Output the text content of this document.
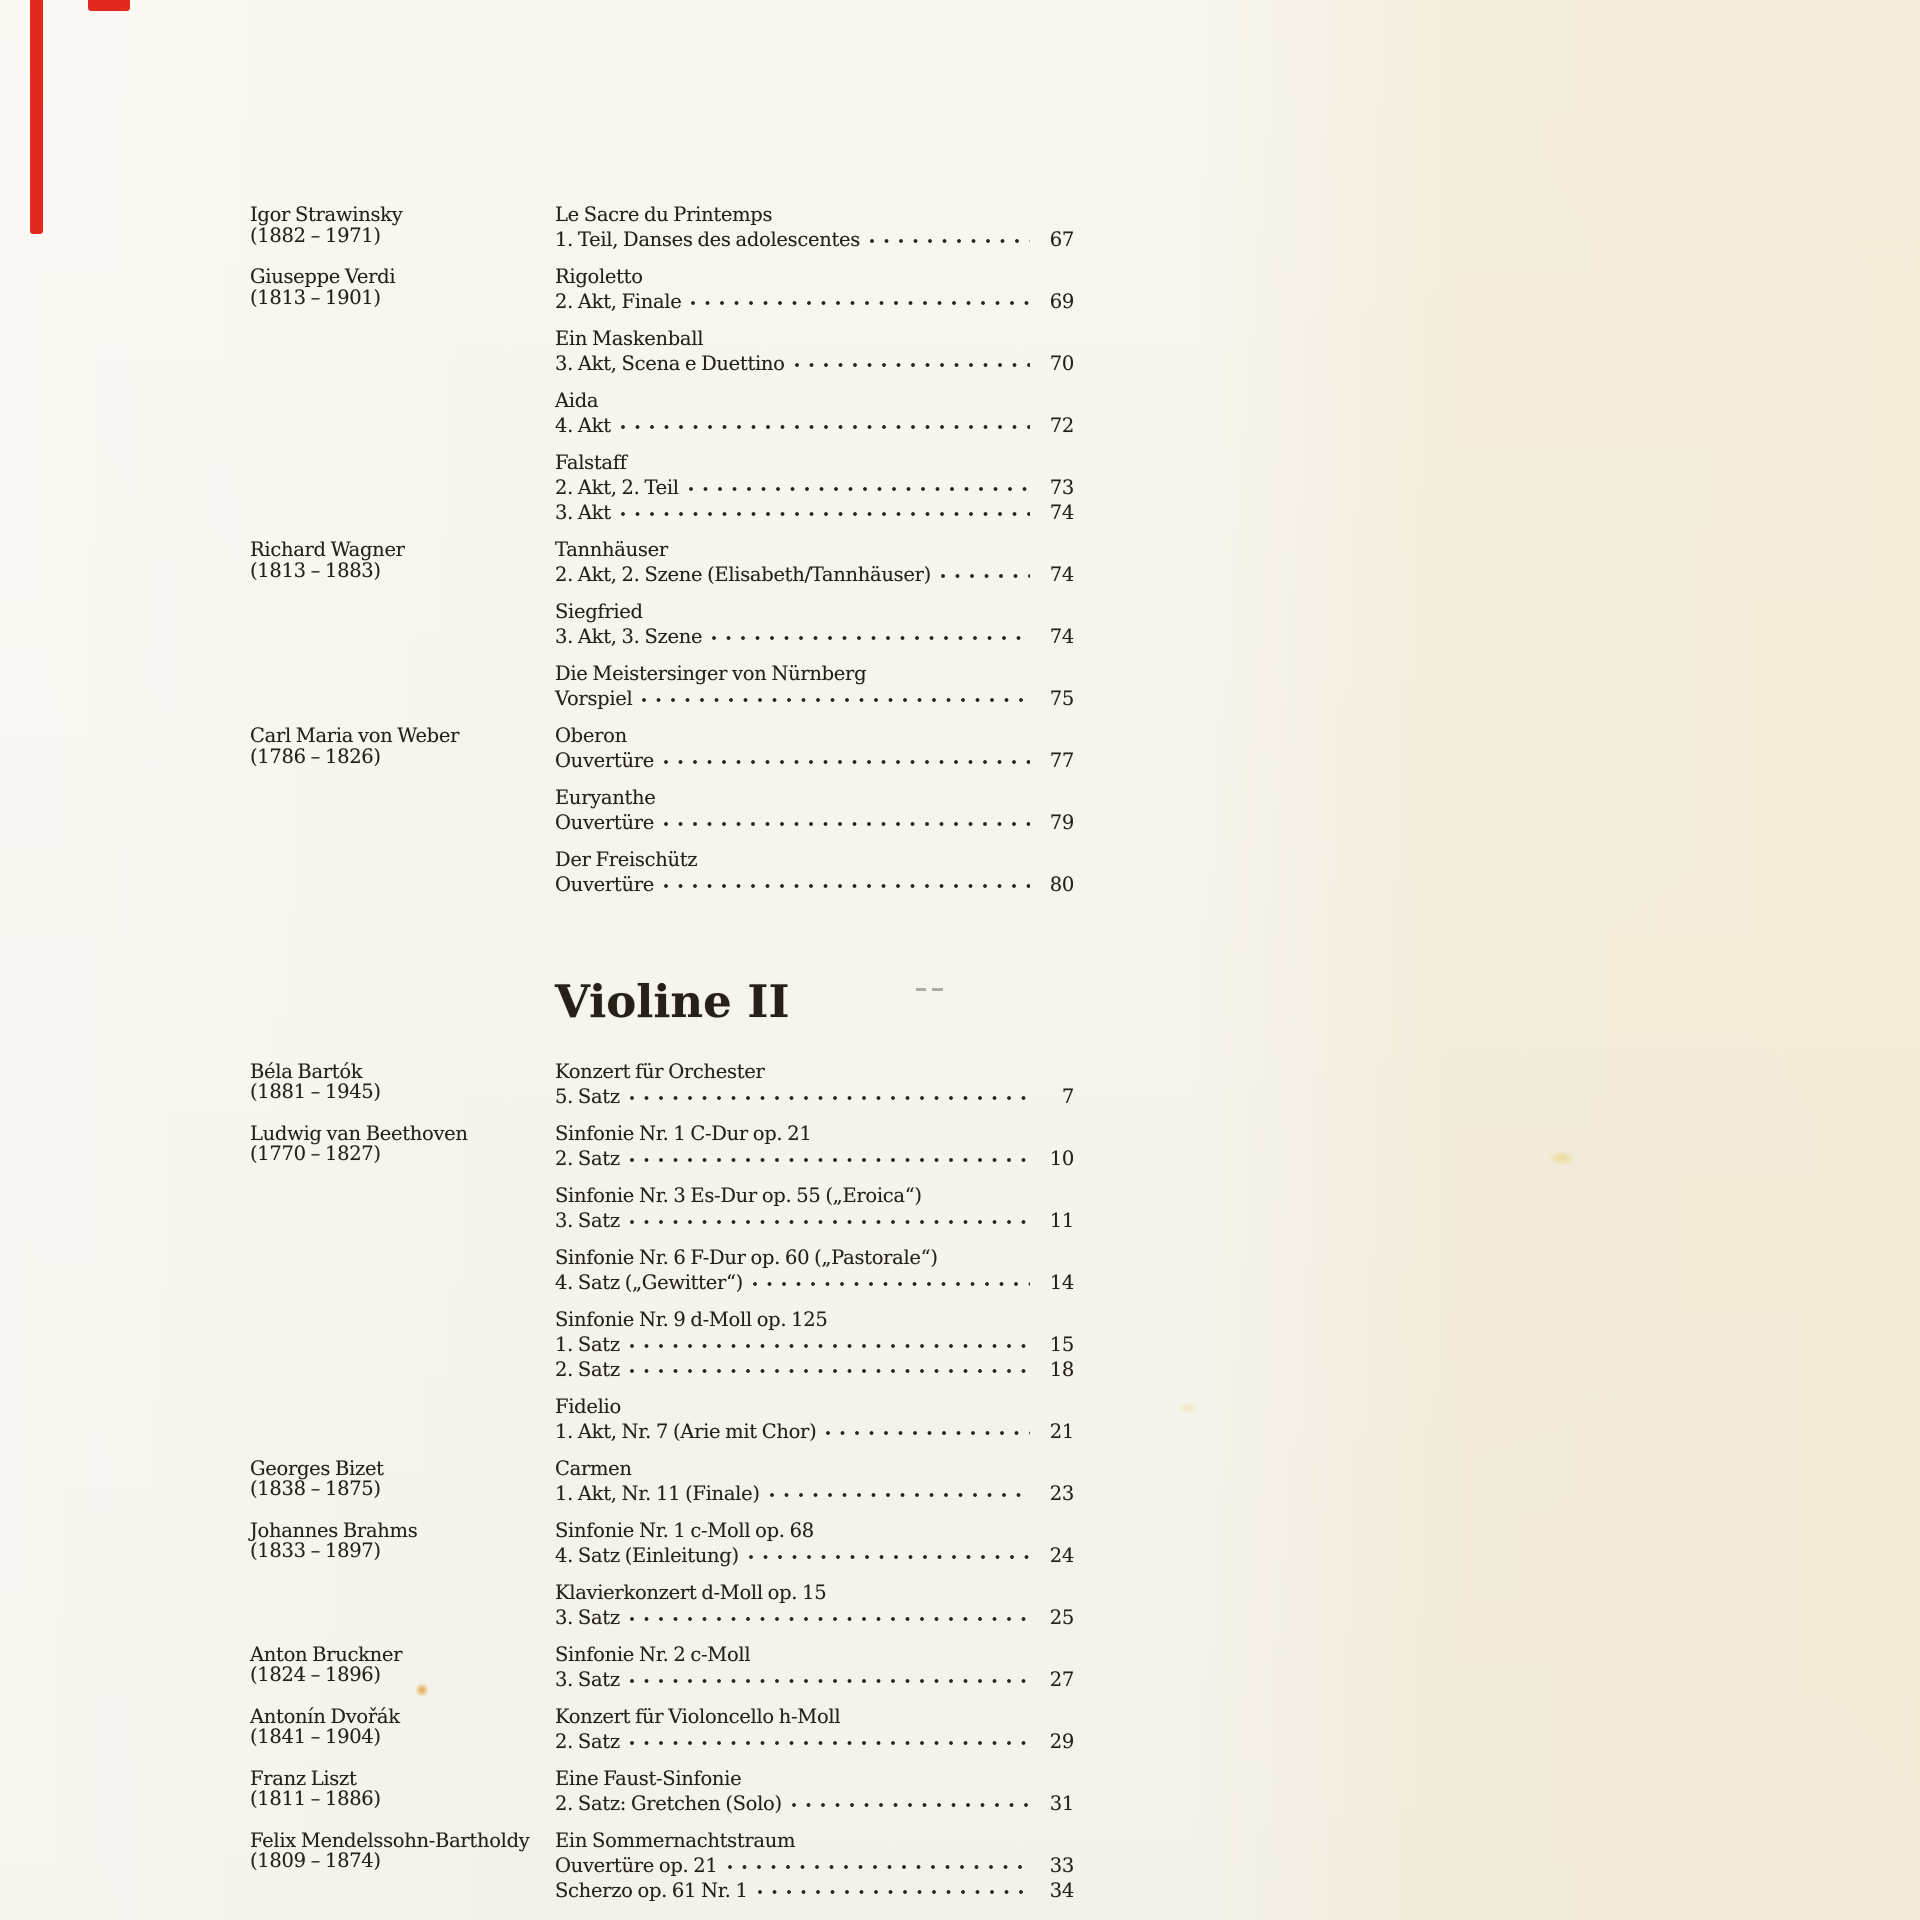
Igor Strawinsky
(1882 – 1971)
Le Sacre du Printemps
1. Teil, Danses des adolescentes	67
Giuseppe Verdi
(1813 – 1901)
Rigoletto
2. Akt, Finale	69
Ein Maskenball
3. Akt, Scena e Duettino	70
Aida
4. Akt	72
Falstaff
2. Akt, 2. Teil	73
3. Akt	74
Richard Wagner
(1813 – 1883)
Tannhäuser
2. Akt, 2. Szene (Elisabeth/Tannhäuser)	74
Siegfried
3. Akt, 3. Szene	74
Die Meistersinger von Nürnberg
Vorspiel	75
Carl Maria von Weber
(1786 – 1826)
Oberon
Ouvertüre	77
Euryanthe
Ouvertüre	79
Der Freischütz
Ouvertüre	80
Violine II
Béla Bartók
(1881 – 1945)
Konzert für Orchester
5. Satz	7
Ludwig van Beethoven
(1770 – 1827)
Sinfonie Nr. 1 C-Dur op. 21
2. Satz	10
Sinfonie Nr. 3 Es-Dur op. 55 („Eroica“)
3. Satz	11
Sinfonie Nr. 6 F-Dur op. 60 („Pastorale“)
4. Satz („Gewitter“)	14
Sinfonie Nr. 9 d-Moll op. 125
1. Satz	15
2. Satz	18
Fidelio
1. Akt, Nr. 7 (Arie mit Chor)	21
Georges Bizet
(1838 – 1875)
Carmen
1. Akt, Nr. 11 (Finale)	23
Johannes Brahms
(1833 – 1897)
Sinfonie Nr. 1 c-Moll op. 68
4. Satz (Einleitung)	24
Klavierkonzert d-Moll op. 15
3. Satz	25
Anton Bruckner
(1824 – 1896)
Sinfonie Nr. 2 c-Moll
3. Satz	27
Antonín Dvořák
(1841 – 1904)
Konzert für Violoncello h-Moll
2. Satz	29
Franz Liszt
(1811 – 1886)
Eine Faust-Sinfonie
2. Satz: Gretchen (Solo)	31
Felix Mendelssohn-Bartholdy
(1809 – 1874)
Ein Sommernachtstraum
Ouvertüre op. 21	33
Scherzo op. 61 Nr. 1	34
